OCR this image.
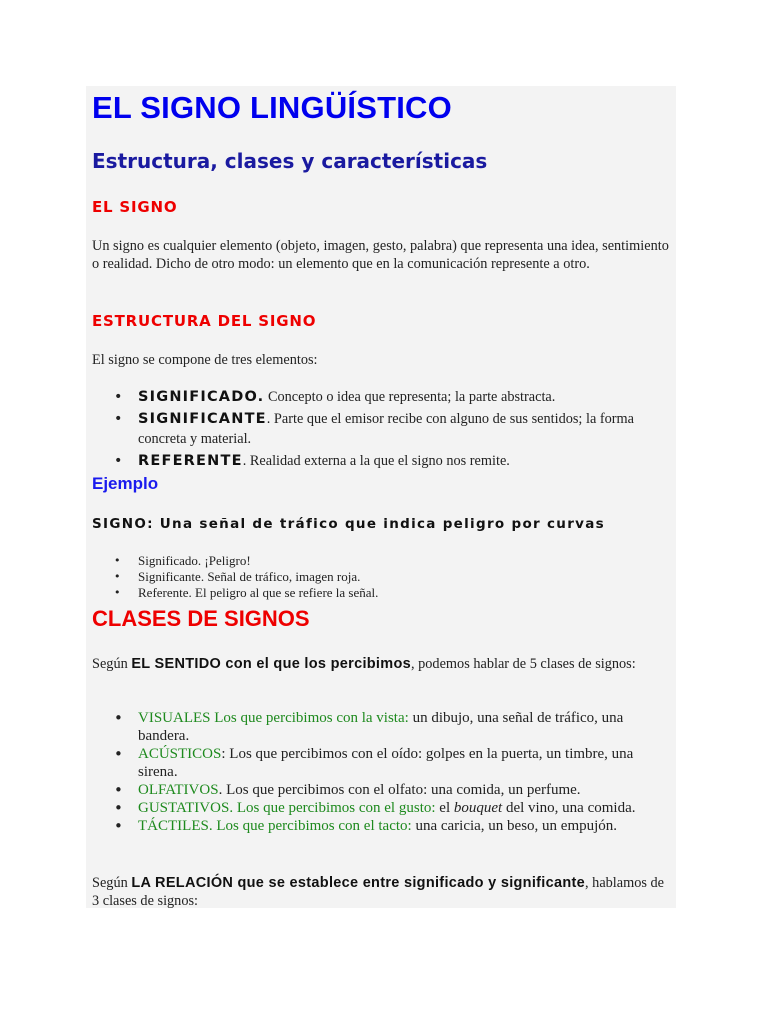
EL SIGNO LINGÜÍSTICO
Estructura, clases y características
EL SIGNO

Un signo es cualquier elemento (objeto, imagen, gesto, palabra) que representa una idea, sentimiento o realidad. Dicho de otro modo: un elemento que en la comunicación represente a otro.

ESTRUCTURA DEL SIGNO

El signo se compone de tres elementos:

• SIGNIFICADO. Concepto o idea que representa; la parte abstracta.
• SIGNIFICANTE. Parte que el emisor recibe con alguno de sus sentidos; la forma concreta y material.
• REFERENTE. Realidad externa a la que el signo nos remite.
Ejemplo
SIGNO: Una señal de tráfico que indica peligro por curvas
• Significado. ¡Peligro!
• Significante. Señal de tráfico, imagen roja.
• Referente. El peligro al que se refiere la señal.
CLASES DE SIGNOS

Según EL SENTIDO con el que los percibimos, podemos hablar de 5 clases de signos:

• VISUALES Los que percibimos con la vista: un dibujo, una señal de tráfico, una bandera.
• ACÚSTICOS: Los que percibimos con el oído: golpes en la puerta, un timbre, una sirena.
• OLFATIVOS. Los que percibimos con el olfato: una comida, un perfume.
• GUSTATIVOS. Los que percibimos con el gusto: el bouquet del vino, una comida.
• TÁCTILES. Los que percibimos con el tacto: una caricia, un beso, un empujón.

Según LA RELACIÓN que se establece entre significado y significante, hablamos de 3 clases de signos:
